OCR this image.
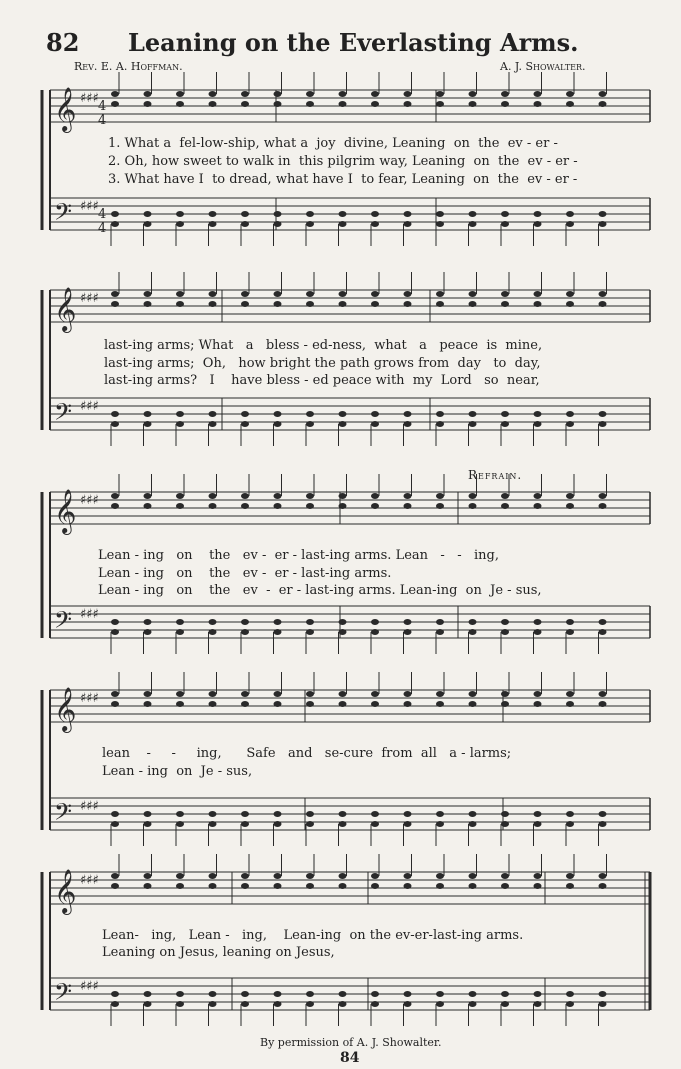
82 Leaning on the Everlasting Arms.
Rev. E. A. Hoffman.	A. J. Showalter.
Refrain.
1. What a  fel-low-ship, what a  joy  divine, Leaning  on  the  ev - er -
2. Oh, how sweet to walk in  this pilgrim way, Leaning  on  the  ev - er -
3. What have I  to dread, what have I  to fear, Leaning  on  the  ev - er -
last-ing arms; What   a   bless - ed-ness,  what   a   peace  is  mine,
last-ing arms;  Oh,   how bright the path grows from  day   to  day,
last-ing arms?   I    have bless - ed peace with  my  Lord   so  near,
Lean - ing   on    the   ev -  er - last-ing arms. Lean   -   -   ing,
Lean - ing   on    the   ev -  er - last-ing arms.
Lean - ing   on    the   ev  -  er - last-ing arms. Lean-ing  on  Je - sus,
lean    -     -     ing,      Safe   and   se-cure  from  all   a - larms;
Lean - ing  on  Je - sus,
Lean-   ing,   Lean -   ing,    Lean-ing  on the ev-er-last-ing arms.
Leaning on Jesus, leaning on Jesus,
By permission of A. J. Showalter.
84
𝄞 ♯♯♯
4
4
𝄢 ♯♯♯
4
4
𝄞 ♯♯♯
𝄢 ♯♯♯
𝄞 ♯♯♯
𝄢 ♯♯♯
𝄞 ♯♯♯
𝄢 ♯♯♯
𝄞 ♯♯♯
𝄢 ♯♯♯
